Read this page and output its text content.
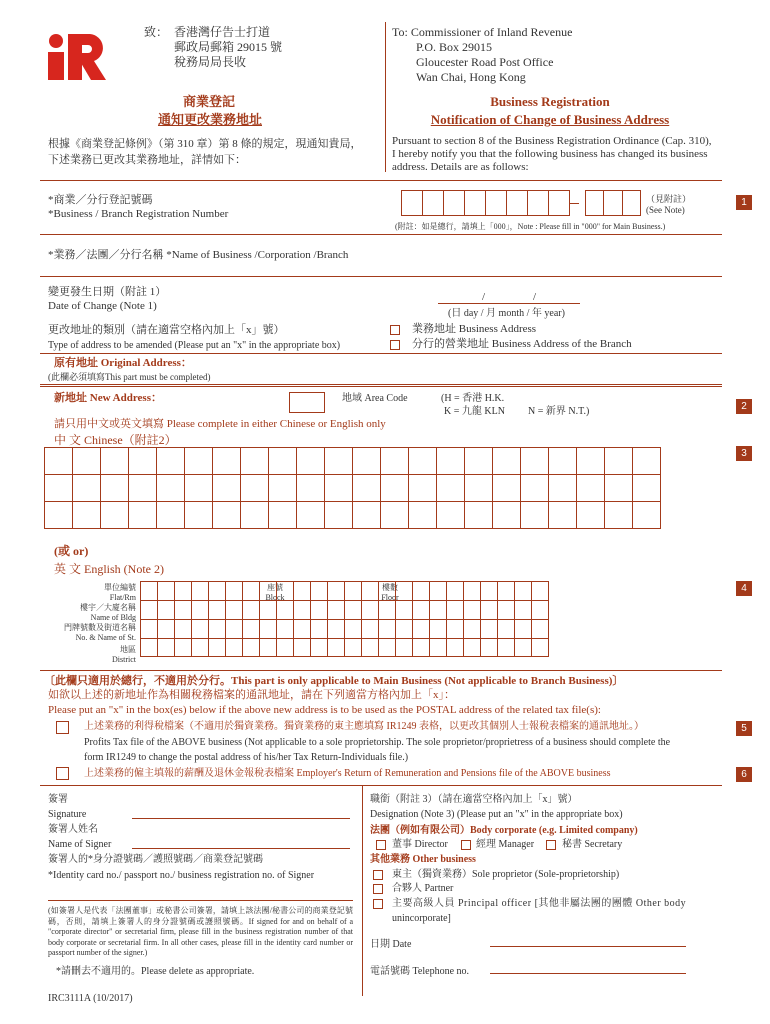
致： 香港灣仔告士打道
郵政局郵箱 29015 號
稅務局局長收
To: Commissioner of Inland Revenue
P.O. Box 29015
Gloucester Road Post Office
Wan Chai, Hong Kong
商業登記
通知更改業務地址
Business Registration
Notification of Change of Business Address
根據《商業登記條例》（第 310 章）第 8 條的規定，現通知貴局，下述業務已更改其業務地址，詳情如下：
Pursuant to section 8 of the Business Registration Ordinance (Cap. 310), I hereby notify you that the following business has changed its business address. Details are as follows:
*商業／分行登記號碼
*Business / Branch Registration Number

（見附註）
(See Note)
(附註：如是總行，請填上「000」，Note : Please fill in "000" for Main Business.)
1
*業務／法團／分行名稱 *Name of Business /Corporation /Branch
變更發生日期（附註 1）
Date of Change (Note 1)
/	/
(日 day / 月 month / 年 year)
更改地址的類別（請在適當空格內加上「x」號）
Type of address to be amended (Please put an "x" in the appropriate box)
業務地址 Business Address
分行的營業地址 Business Address of the Branch
原有地址 Original Address：
(此欄必須填寫This part must be completed)
新地址 New Address：	地域 Area Code	(H = 香港 H.K.
K = 九龍 KLN N = 新界 N.T.)	2
請只用中文或英文填寫 Please complete in either Chinese or English only
中 文 Chinese（附註2）
3

(或 or)
英 文 English (Note 2)
4
單位編號
Flat/Rm
座號
Block
樓數
Floor
樓宇／大廈名稱
Name of Bldg
門牌號數及街道名稱
No. & Name of St.
地區
District

〔此欄只適用於總行，不適用於分行。This part is only applicable to Main Business (Not applicable to Branch Business)〕
如欲以上述的新地址作為相關稅務檔案的通訊地址，請在下列適當方格內加上「x」：
Please put an "x" in the box(es) below if the above new address is to be used as the POSTAL address of the related tax file(s):
上述業務的利得稅檔案（不適用於獨資業務。獨資業務的東主應填寫 IR1249 表格，以更改其個別人士報稅表檔案的通訊地址。）
Profits Tax file of the ABOVE business (Not applicable to a sole proprietorship. The sole proprietor/proprietress of a business should complete the
form IR1249 to change the postal address of his/her Tax Return-Individuals file.)
5
上述業務的僱主填報的薪酬及退休金報稅表檔案 Employer's Return of Remuneration and Pensions file of the ABOVE business	6
簽署
Signature
簽署人姓名
Name of Signer
簽署人的*身分證號碼／護照號碼／商業登記號碼
*Identity card no./ passport no./ business registration no. of Signer
(如簽署人是代表「法團董事」或秘書公司簽署，請填上該法團/秘書公司的商業登記號碼，否則，請填上簽署人的身分證號碼或護照號碼。If signed for and on behalf of a "corporate director" or secretarial firm, please fill in the business registration number of that body corporate or secretarial firm. In all other cases, please fill in the identity card number or passport number of the signer.)
*請刪去不適用的。Please delete as appropriate.
IRC3111A (10/2017)
職銜（附註 3）（請在適當空格內加上「x」號）
Designation (Note 3) (Please put an "x" in the appropriate box)
法團（例如有限公司）Body corporate (e.g. Limited company)
董事 Director	經理 Manager	秘書 Secretary
其他業務 Other business
東主（獨資業務）Sole proprietor (Sole-proprietorship)
合夥人 Partner
主要高級人員 Principal officer [其他非屬法團的團體 Other body
unincorporate]
日期 Date
電話號碼 Telephone no.
